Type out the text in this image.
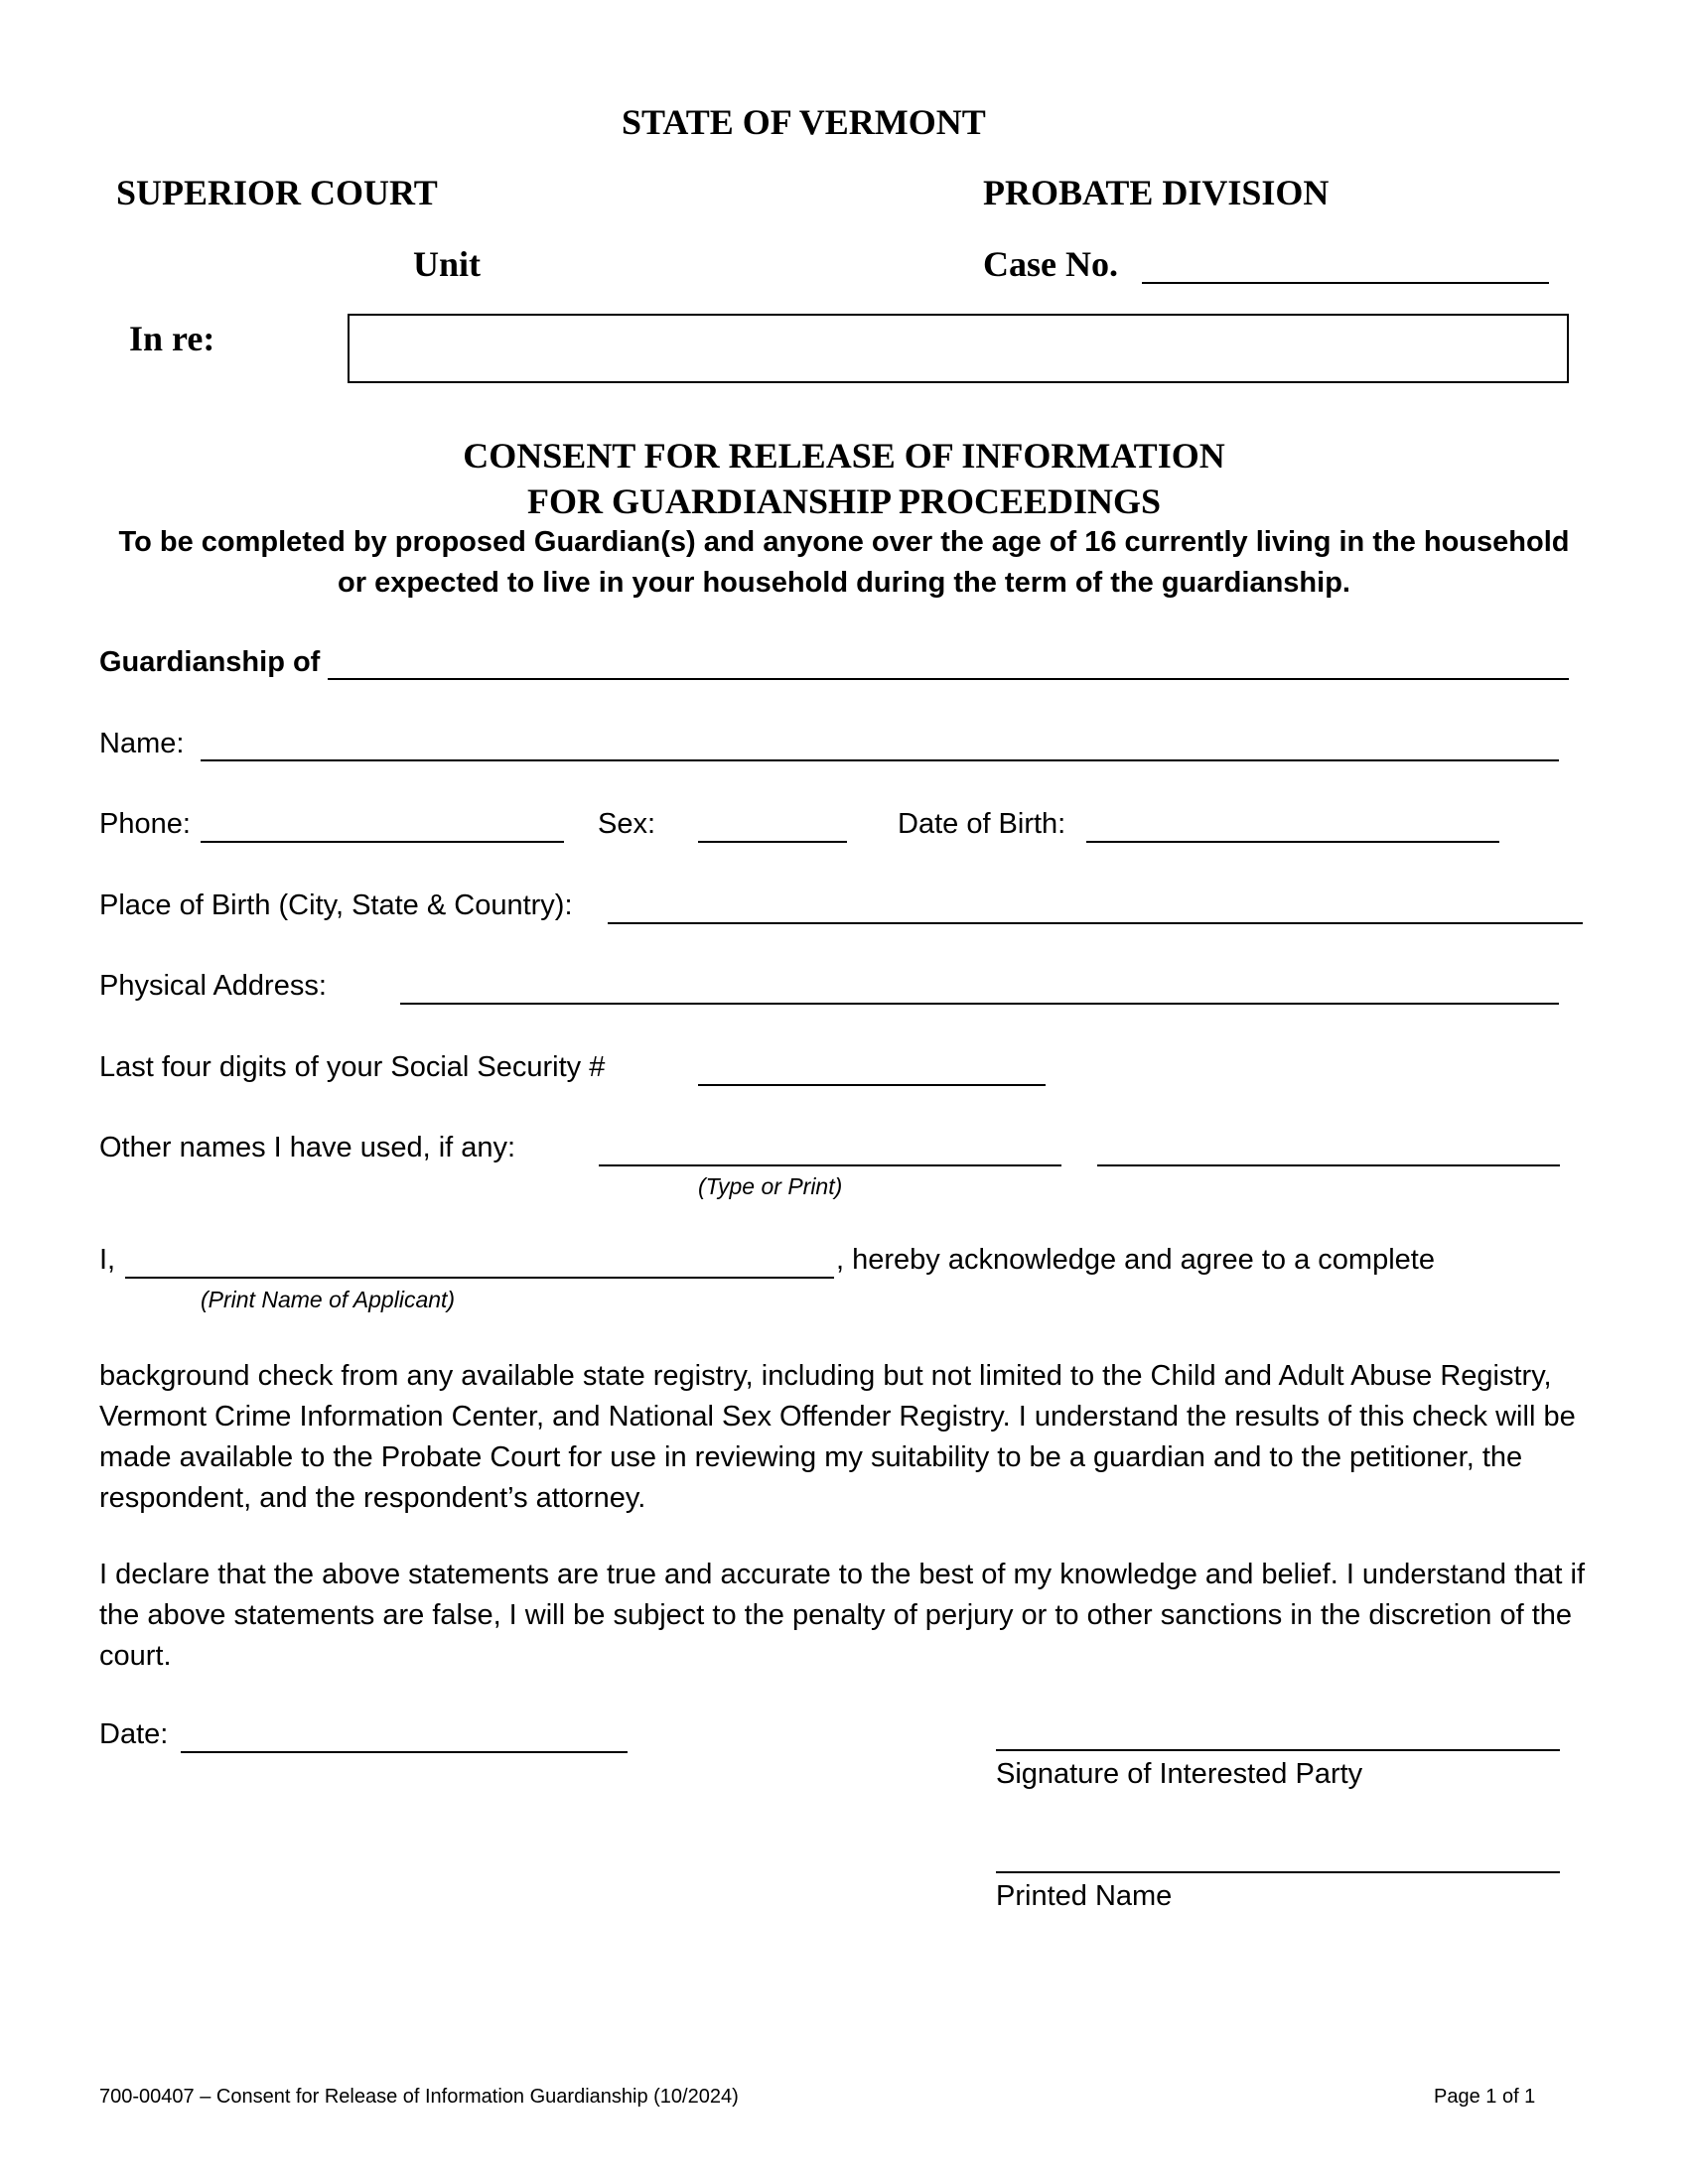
STATE OF VERMONT
SUPERIOR COURT	PROBATE DIVISION
Unit	Case No.
In re:
CONSENT FOR RELEASE OF INFORMATION
FOR GUARDIANSHIP PROCEEDINGS
To be completed by proposed Guardian(s) and anyone over the age of 16 currently living in the household
or expected to live in your household during the term of the guardianship.
Guardianship of
Name:
Phone:	Sex:	Date of Birth:
Place of Birth (City, State & Country):
Physical Address:
Last four digits of your Social Security #
Other names I have used, if any:
(Type or Print)
I,	, hereby acknowledge and agree to a complete
(Print Name of Applicant)
background check from any available state registry, including but not limited to the Child and Adult Abuse Registry, Vermont Crime Information Center, and National Sex Offender Registry. I understand the results of this check will be made available to the Probate Court for use in reviewing my suitability to be a guardian and to the petitioner, the respondent, and the respondent’s attorney.
I declare that the above statements are true and accurate to the best of my knowledge and belief. I understand that if the above statements are false, I will be subject to the penalty of perjury or to other sanctions in the discretion of the court.
Date:
Signature of Interested Party
Printed Name
700-00407 – Consent for Release of Information Guardianship (10/2024)	Page 1 of 1
